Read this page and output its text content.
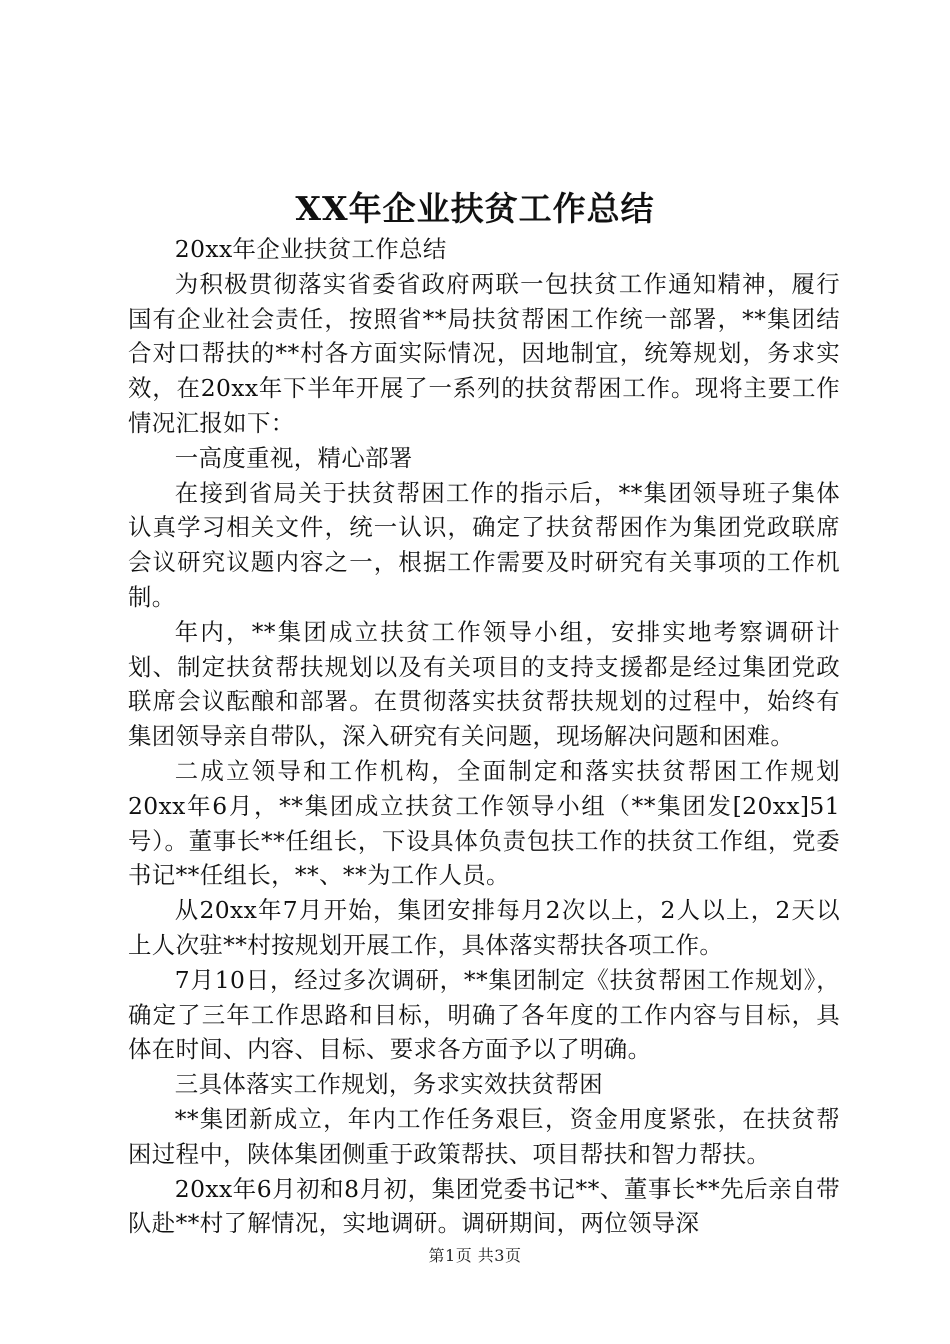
XX年企业扶贫工作总结

20xx年企业扶贫工作总结

为积极贯彻落实省委省政府两联一包扶贫工作通知精神，履行国有企业社会责任，按照省**局扶贫帮困工作统一部署，**集团结合对口帮扶的**村各方面实际情况，因地制宜，统筹规划，务求实效，在20xx年下半年开展了一系列的扶贫帮困工作。现将主要工作情况汇报如下：

一高度重视，精心部署

在接到省局关于扶贫帮困工作的指示后，**集团领导班子集体认真学习相关文件，统一认识，确定了扶贫帮困作为集团党政联席会议研究议题内容之一，根据工作需要及时研究有关事项的工作机制。

年内，**集团成立扶贫工作领导小组，安排实地考察调研计划、制定扶贫帮扶规划以及有关项目的支持支援都是经过集团党政联席会议酝酿和部署。在贯彻落实扶贫帮扶规划的过程中，始终有集团领导亲自带队，深入研究有关问题，现场解决问题和困难。

二成立领导和工作机构，全面制定和落实扶贫帮困工作规划20xx年6月，**集团成立扶贫工作领导小组（**集团发[20xx]51号）。董事长**任组长，下设具体负责包扶工作的扶贫工作组，党委书记**任组长，**、**为工作人员。

从20xx年7月开始，集团安排每月2次以上，2人以上，2天以上人次驻**村按规划开展工作，具体落实帮扶各项工作。

7月10日，经过多次调研，**集团制定《扶贫帮困工作规划》，确定了三年工作思路和目标，明确了各年度的工作内容与目标，具体在时间、内容、目标、要求各方面予以了明确。

三具体落实工作规划，务求实效扶贫帮困

**集团新成立，年内工作任务艰巨，资金用度紧张，在扶贫帮困过程中，陕体集团侧重于政策帮扶、项目帮扶和智力帮扶。

20xx年6月初和8月初，集团党委书记**、董事长**先后亲自带队赴**村了解情况，实地调研。调研期间，两位领导深

第1页 共3页
